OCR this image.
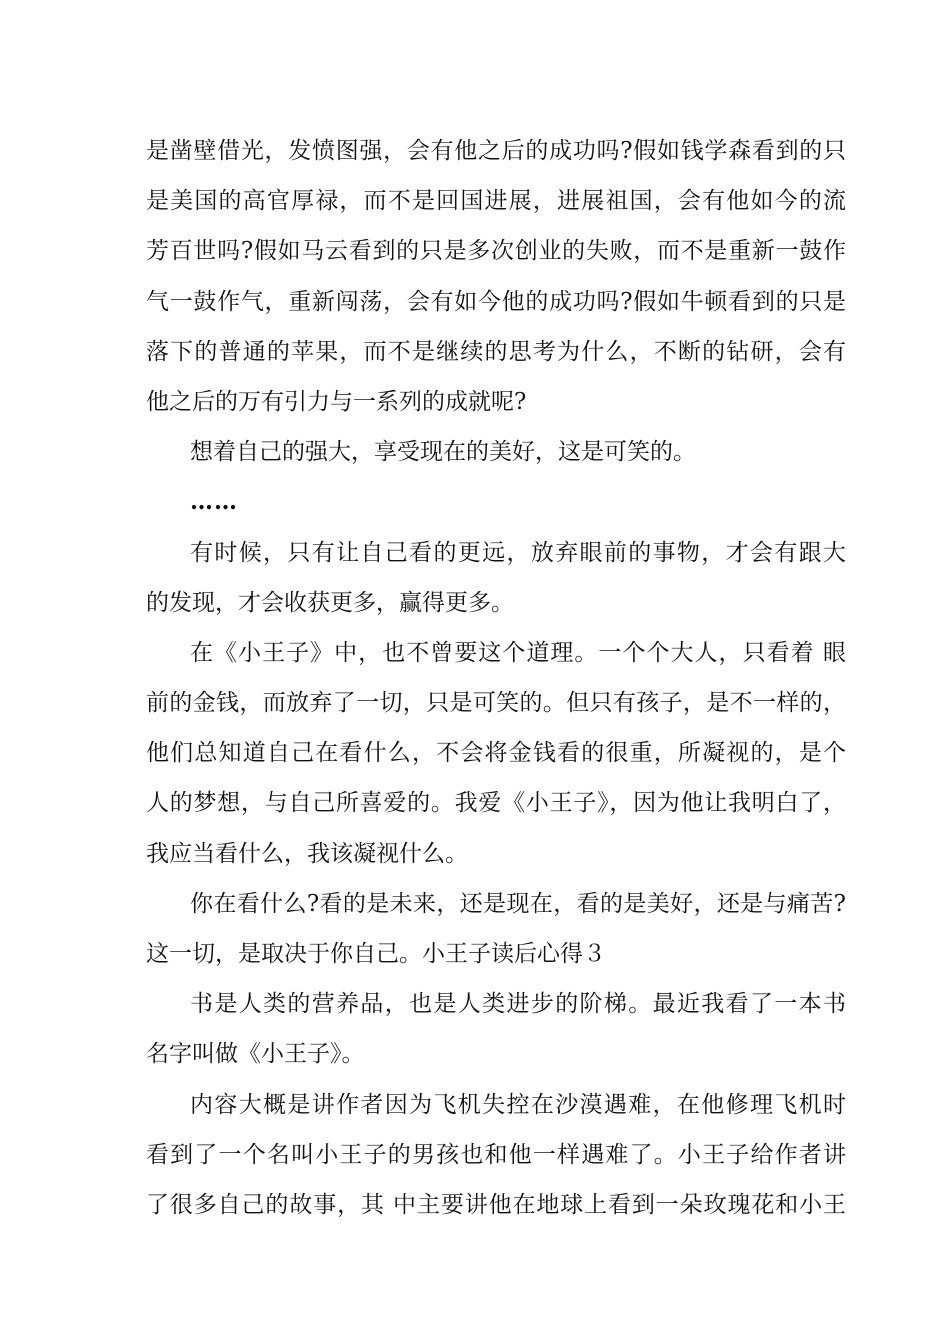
是凿壁借光，发愤图强，会有他之后的成功吗?假如钱学森看到的只
是美国的高官厚禄，而不是回国进展，进展祖国，会有他如今的流
芳百世吗?假如马云看到的只是多次创业的失败，而不是重新一鼓作
气一鼓作气，重新闯荡，会有如今他的成功吗?假如牛顿看到的只是
落下的普通的苹果，而不是继续的思考为什么，不断的钻研，会有
他之后的万有引力与一系列的成就呢?
想着自己的强大，享受现在的美好，这是可笑的。
……
有时候，只有让自己看的更远，放弃眼前的事物，才会有跟大
的发现，才会收获更多，赢得更多。
在《小王子》中，也不曾要这个道理。一个个大人，只看着 眼
前的金钱，而放弃了一切，只是可笑的。但只有孩子，是不一样的，
他们总知道自己在看什么，不会将金钱看的很重，所凝视的，是个
人的梦想，与自己所喜爱的。我爱《小王子》，因为他让我明白了，
我应当看什么，我该凝视什么。
你在看什么?看的是未来，还是现在，看的是美好，还是与痛苦?
这一切，是取决于你自己。小王子读后心得３
书是人类的营养品，也是人类进步的阶梯。最近我看了一本书
名字叫做《小王子》。
内容大概是讲作者因为飞机失控在沙漠遇难，在他修理飞机时
看到了一个名叫小王子的男孩也和他一样遇难了。小王子给作者讲
了很多自己的故事，其 中主要讲他在地球上看到一朵玫瑰花和小王
